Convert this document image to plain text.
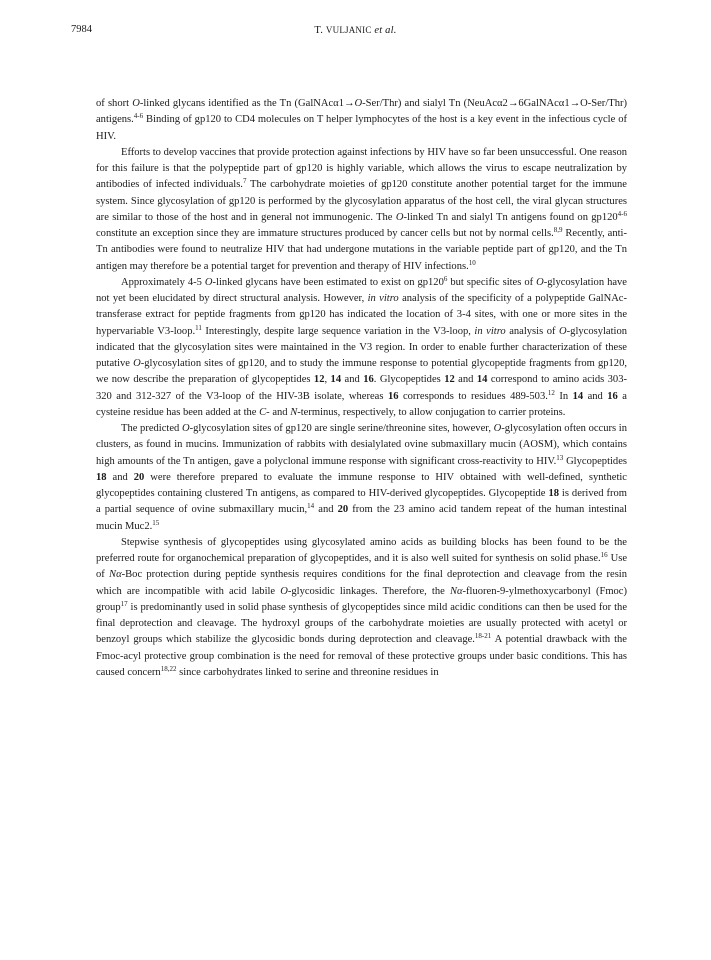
7984	T. VULJANIC et al.

of short O-linked glycans identified as the Tn (GalNAcα1→O-Ser/Thr) and sialyl Tn (NeuAcα2→6GalNAcα1→O-Ser/Thr) antigens.$^{4-6}$ Binding of gp120 to CD4 molecules on T helper lymphocytes of the host is a key event in the infectious cycle of HIV.

Efforts to develop vaccines that provide protection against infections by HIV have so far been unsuccessful. One reason for this failure is that the polypeptide part of gp120 is highly variable, which allows the virus to escape neutralization by antibodies of infected individuals.$^7$ The carbohydrate moieties of gp120 constitute another potential target for the immune system. Since glycosylation of gp120 is performed by the glycosylation apparatus of the host cell, the viral glycan structures are similar to those of the host and in general not immunogenic. The O-linked Tn and sialyl Tn antigens found on gp120$^{4-6}$ constitute an exception since they are immature structures produced by cancer cells but not by normal cells.$^{8,9}$ Recently, anti-Tn antibodies were found to neutralize HIV that had undergone mutations in the variable peptide part of gp120, and the Tn antigen may therefore be a potential target for prevention and therapy of HIV infections.$^{10}$

Approximately 4-5 O-linked glycans have been estimated to exist on $gp120^6$ but specific sites of O-glycosylation have not yet been elucidated by direct structural analysis. However, in vitro analysis of the specificity of a polypeptide GalNAc-transferase extract for peptide fragments from gp120 has indicated the location of 3-4 sites, with one or more sites in the hypervariable V3-loop.$^{11}$ Interestingly, despite large sequence variation in the V3-loop, in vitro analysis of O-glycosylation indicated that the glycosylation sites were maintained in the V3 region. In order to enable further characterization of these putative O-glycosylation sites of gp120, and to study the immune response to potential glycopeptide fragments from gp120, we now describe the preparation of glycopeptides 12, 14 and 16. Glycopeptides 12 and 14 correspond to amino acids 303-320 and 312-327 of the V3-loop of the HIV-3B isolate, whereas 16 corresponds to residues 489-503.12 In 14 and 16 a cysteine residue has been added at the C- and N-terminus, respectively, to allow conjugation to carrier proteins.

The predicted O-glycosylation sites of gp120 are single serine/threonine sites, however, O-glycosylation often occurs in clusters, as found in mucins. Immunization of rabbits with desialylated ovine submaxillary mucin (AOSM), which contains high amounts of the Tn antigen, gave a polyclonal immune response with significant cross-reactivity to HIV.$^{13}$ Glycopeptides 18 and 20 were therefore prepared to evaluate the immune response to HIV obtained with well-defined, synthetic glycopeptides containing clustered Tn antigens, as compared to HIV-derived glycopeptides. Glycopeptide 18 is derived from a partial sequence of ovine submaxillary mucin,$^{14}$ and 20 from the 23 amino acid tandem repeat of the human intestinal mucin Muc2.15

Stepwise synthesis of glycopeptides using glycosylated amino acids as building blocks has been found to be the preferred route for organochemical preparation of glycopeptides, and it is also well suited for synthesis on solid phase.$^{16}$ Use of Nα-Boc protection during peptide synthesis requires conditions for the final deprotection and cleavage from the resin which are incompatible with acid labile O-glycosidic linkages. Therefore, the Nα-fluoren-9-ylmethoxycarbonyl (Fmoc) group$^{17}$ is predominantly used in solid phase synthesis of glycopeptides since mild acidic conditions can then be used for the final deprotection and cleavage. The hydroxyl groups of the carbohydrate moieties are usually protected with acetyl or benzoyl groups which stabilize the glycosidic bonds during deprotection and cleavage.$^{18-21}$ A potential drawback with the Fmoc-acyl protective group combination is the need for removal of these protective groups under basic conditions. This has caused concern$^{18,22}$ since carbohydrates linked to serine and threonine residues in
